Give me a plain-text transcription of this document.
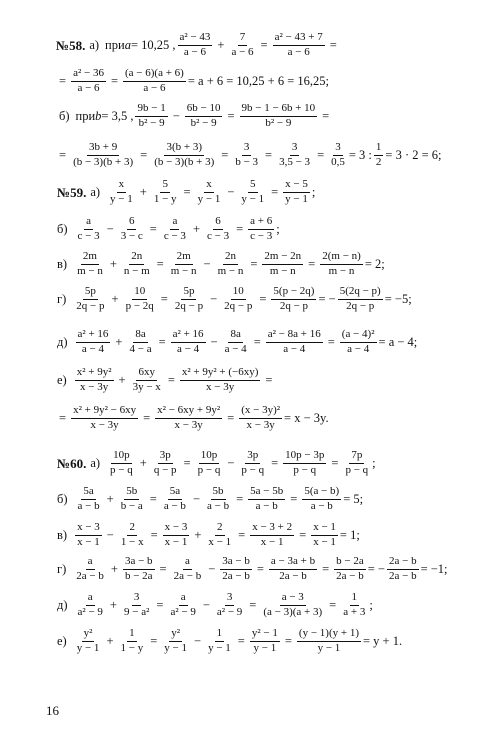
№58. а) при a = 10,25 , $\frac{\text{a² − 43}}{a - 6} + \frac{7}{a - 6} = \frac{\text{a² − 43 + 7}}{a - 6}$ =
= $\frac{\text{a² − 36}}{a - 6} = \frac{(a - 6)(a + 6)}{a - 6} = a + 6 = 10,25 + 6 = 16,25$;
б) при b = 3,5 , $\frac{9b - 1}{\text{b² − 9}} - \frac{6b - 10}{\text{b² − 9}} = \frac{9b - 1 - 6b + 10}{\text{b² − 9}}$ =
= $\frac{3b + 9}{(b - 3)(b + 3)} = \frac{3(b + 3)}{(b - 3)(b + 3)} = \frac{3}{b - 3} = \frac{3}{3,5 - 3} = \frac{3}{0,5} = 3$ : $\frac{1}{2} = 3 \cdot 2 = 6$;
№59. $а) \frac{x}{y - 1} + \frac{5}{1 - y} = \frac{x}{y - 1} - \frac{5}{y - 1} = \frac{x - 5}{y - 1}$ ;
$б) \frac{a}{c - 3} - \frac{6}{3 - c} = \frac{a}{c - 3} + \frac{6}{c - 3} = \frac{a + 6}{c - 3}$ ;
$в) \frac{2m}{m - n} + \frac{2n}{n - m} = \frac{2m}{m - n} - \frac{2n}{m - n} = \frac{2m - 2n}{m - n} = \frac{2(m - n)}{m - n} = 2$;
$г) \frac{5p}{2q - p} + \frac{10}{p - 2q} = \frac{5p}{2q - p} - \frac{10}{2q - p} = \frac{5(p - 2q)}{2q - p}$ = − $\frac{5(2q - p)}{2q - p} = -5$;
$д) \frac{\text{a² + 16}}{a - 4} + \frac{8a}{4 - a} = \frac{\text{a² + 16}}{a - 4} - \frac{8a}{a - 4} = \frac{\text{a² − 8a + 16}}{a - 4} = \frac{\text{(a − 4)²}}{a - 4} = a - 4$;
$е) \frac{\text{x² + 9y²}}{x - 3y} + \frac{6xy}{3y - x} = \frac{\text{x² + 9y² + (−6xy)}}{x - 3y}$ =
= $\frac{\text{x² + 9y² − 6xy}}{x - 3y} = \frac{\text{x² − 6xy + 9y²}}{x - 3y} = \frac{\text{(x − 3y)²}}{x - 3y} = x - 3y$.
№60. $а) \frac{10p}{p - q} + \frac{3p}{q - p} = \frac{10p}{p - q} - \frac{3p}{p - q} = \frac{10p - 3p}{p - q} = \frac{7p}{p - q}$ ;
$б) \frac{5a}{a - b} + \frac{5b}{b - a} = \frac{5a}{a - b} - \frac{5b}{a - b} = \frac{5a - 5b}{a - b} = \frac{5(a - b)}{a - b} = 5$;
$в) \frac{x - 3}{x - 1} - \frac{2}{1 - x} = \frac{x - 3}{x - 1} + \frac{2}{x - 1} = \frac{x - 3 + 2}{x - 1} = \frac{x - 1}{x - 1} = 1$;
$г) \frac{a}{2a - b} + \frac{3a - b}{b - 2a} = \frac{a}{2a - b} - \frac{3a - b}{2a - b} = \frac{a - 3a + b}{2a - b} = \frac{b - 2a}{2a - b}$ = − $\frac{2a - b}{2a - b} = -1$;
$д) \frac{a}{\text{a² − 9}} + \frac{3}{\text{9 − a²}} = \frac{a}{\text{a² − 9}} - \frac{3}{\text{a² − 9}} = \frac{a - 3}{(a - 3)(a + 3)} = \frac{1}{a + 3}$ ;
$е) \frac{\text{y²}}{y - 1} + \frac{1}{1 - y} = \frac{\text{y²}}{y - 1} - \frac{1}{y - 1} = \frac{\text{y² − 1}}{y - 1} = \frac{(y - 1)(y + 1)}{y - 1} = y + 1$.
16
